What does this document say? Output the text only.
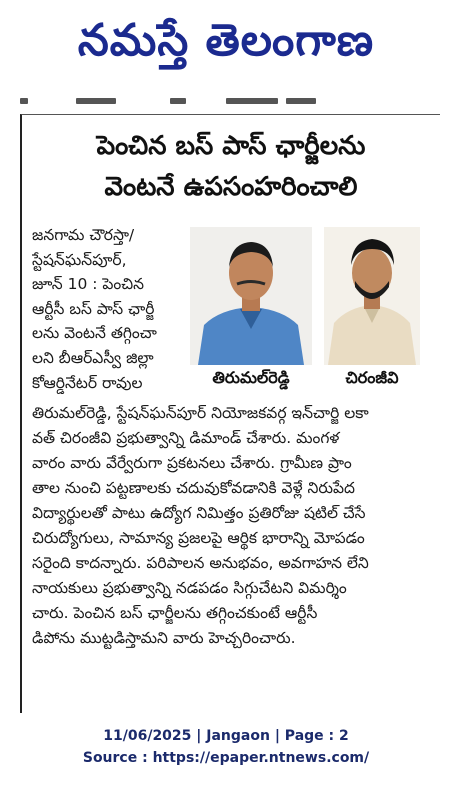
నమస్తే తెలంగాణ
పెంచిన బస్ పాస్ ఛార్జీలను
వెంటనే ఉపసంహరించాలి
జనగామ చౌరస్తా/
స్టేషన్‌ఘన్‌పూర్,
జూన్ 10 : పెంచిన
ఆర్టీసీ బస్ పాస్ ఛార్జీ
లను వెంటనే తగ్గించా
లని బీఆర్‌ఎస్వీ జిల్లా
కోఆర్డినేటర్ రావుల	తిరుమల్‌రెడ్డి	చిరంజీవి
తిరుమల్‌రెడ్డి, స్టేషన్‌ఘన్‌పూర్ నియోజకవర్గ ఇన్‌చార్జి లకా
వత్ చిరంజీవి ప్రభుత్వాన్ని డిమాండ్ చేశారు. మంగళ
వారం వారు వేర్వేరుగా ప్రకటనలు చేశారు. గ్రామీణ ప్రాం
తాల నుంచి పట్టణాలకు చదువుకోవడానికి వెళ్లే నిరుపేద
విద్యార్థులతో పాటు ఉద్యోగ నిమిత్తం ప్రతిరోజు షటిల్ చేసే
చిరుద్యోగులు, సామాన్య ప్రజలపై ఆర్థిక భారాన్ని మోపడం
సరైంది కాదన్నారు. పరిపాలన అనుభవం, అవగాహన లేని
నాయకులు ప్రభుత్వాన్ని నడపడం సిగ్గుచేటని విమర్శిం
చారు. పెంచిన బస్ ఛార్జీలను తగ్గించకుంటే ఆర్టీసీ
డిపోను ముట్టడిస్తామని వారు హెచ్చరించారు.
11/06/2025 | Jangaon | Page : 2
Source : https://epaper.ntnews.com/
